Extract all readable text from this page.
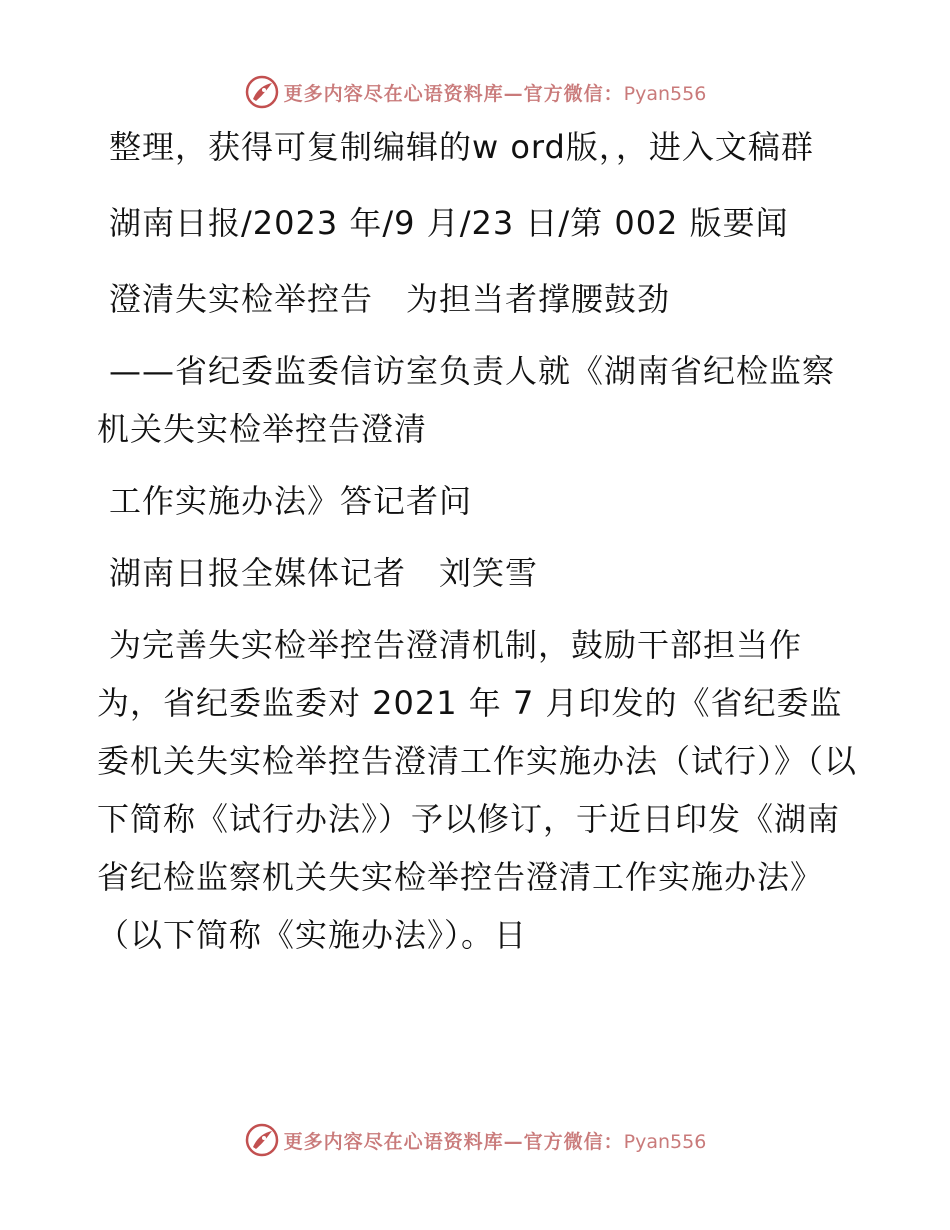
更多内容尽在心语资料库—官方微信：Pyan556

整理，获得可复制编辑的w ord版，，进入文稿群

湖南日报/2023 年/9 月/23 日/第 002 版要闻

澄清失实检举控告　为担当者撑腰鼓劲

——省纪委监委信访室负责人就《湖南省纪检监察机关失实检举控告澄清

工作实施办法》答记者问

湖南日报全媒体记者　刘笑雪

为完善失实检举控告澄清机制，鼓励干部担当作为，省纪委监委对 2021 年 7 月印发的《省纪委监委机关失实检举控告澄清工作实施办法（试行）》（以下简称《试行办法》）予以修订，于近日印发《湖南省纪检监察机关失实检举控告澄清工作实施办法》（以下简称《实施办法》）。日

更多内容尽在心语资料库—官方微信：Pyan556
